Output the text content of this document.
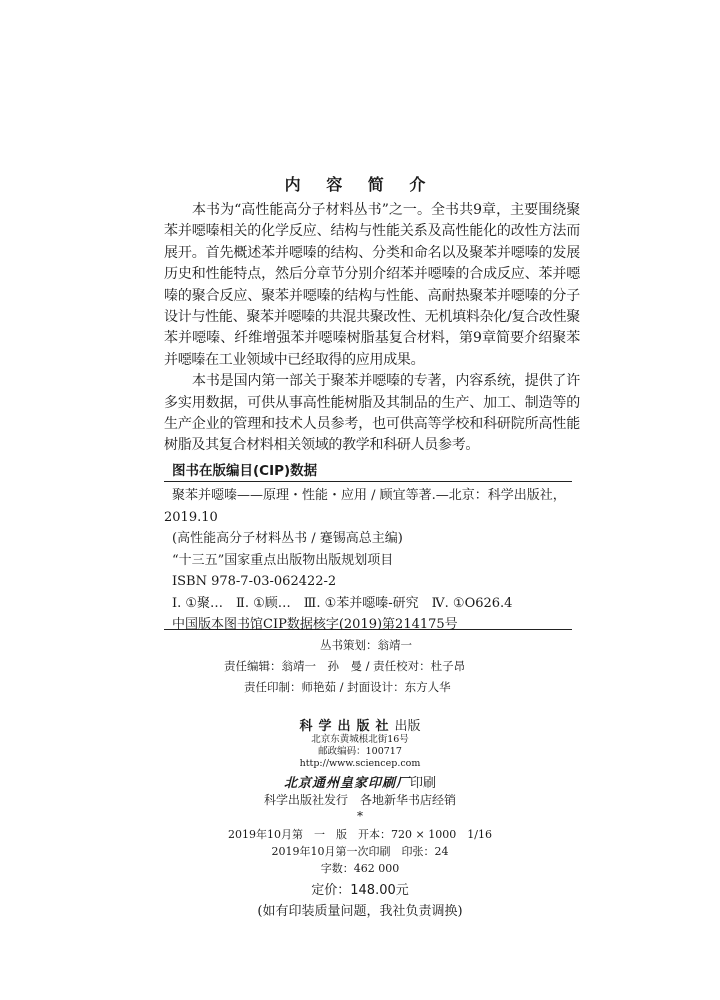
内 容 简 介

本书为“高性能高分子材料丛书”之一。全书共9章，主要围绕聚苯并噁嗪相关的化学反应、结构与性能关系及高性能化的改性方法而展开。首先概述苯并噁嗪的结构、分类和命名以及聚苯并噁嗪的发展历史和性能特点，然后分章节分别介绍苯并噁嗪的合成反应、苯并噁嗪的聚合反应、聚苯并噁嗪的结构与性能、高耐热聚苯并噁嗪的分子设计与性能、聚苯并噁嗪的共混共聚改性、无机填料杂化/复合改性聚苯并噁嗪、纤维增强苯并噁嗪树脂基复合材料，第9章简要介绍聚苯并噁嗪在工业领域中已经取得的应用成果。

本书是国内第一部关于聚苯并噁嗪的专著，内容系统，提供了许多实用数据，可供从事高性能树脂及其制品的生产、加工、制造等的生产企业的管理和技术人员参考，也可供高等学校和科研院所高性能树脂及其复合材料相关领域的教学和科研人员参考。

图书在版编目(CIP)数据
聚苯并噁嗪——原理・性能・应用 / 顾宜等著.—北京：科学出版社，
2019.10
(高性能高分子材料丛书 / 蹇锡高总主编)
“十三五”国家重点出版物出版规划项目
ISBN 978-7-03-062422-2
Ⅰ. ①聚…　Ⅱ. ①顾…　Ⅲ. ①苯并噁嗪-研究　Ⅳ. ①O626.4
中国版本图书馆CIP数据核字(2019)第214175号
丛书策划：翁靖一
责任编辑：翁靖一　孙　曼 / 责任校对：杜子昂
责任印制：师艳茹 / 封面设计：东方人华
科学出版社出版
北京东黄城根北街16号
邮政编码：100717
http://www.sciencep.com
北京通州皇家印刷厂印刷
科学出版社发行　各地新华书店经销
*
2019年10月第　一　版　开本：720 × 1000　1/16
2019年10月第一次印刷　印张：24
字数：462 000
定价：148.00元
(如有印装质量问题，我社负责调换)
